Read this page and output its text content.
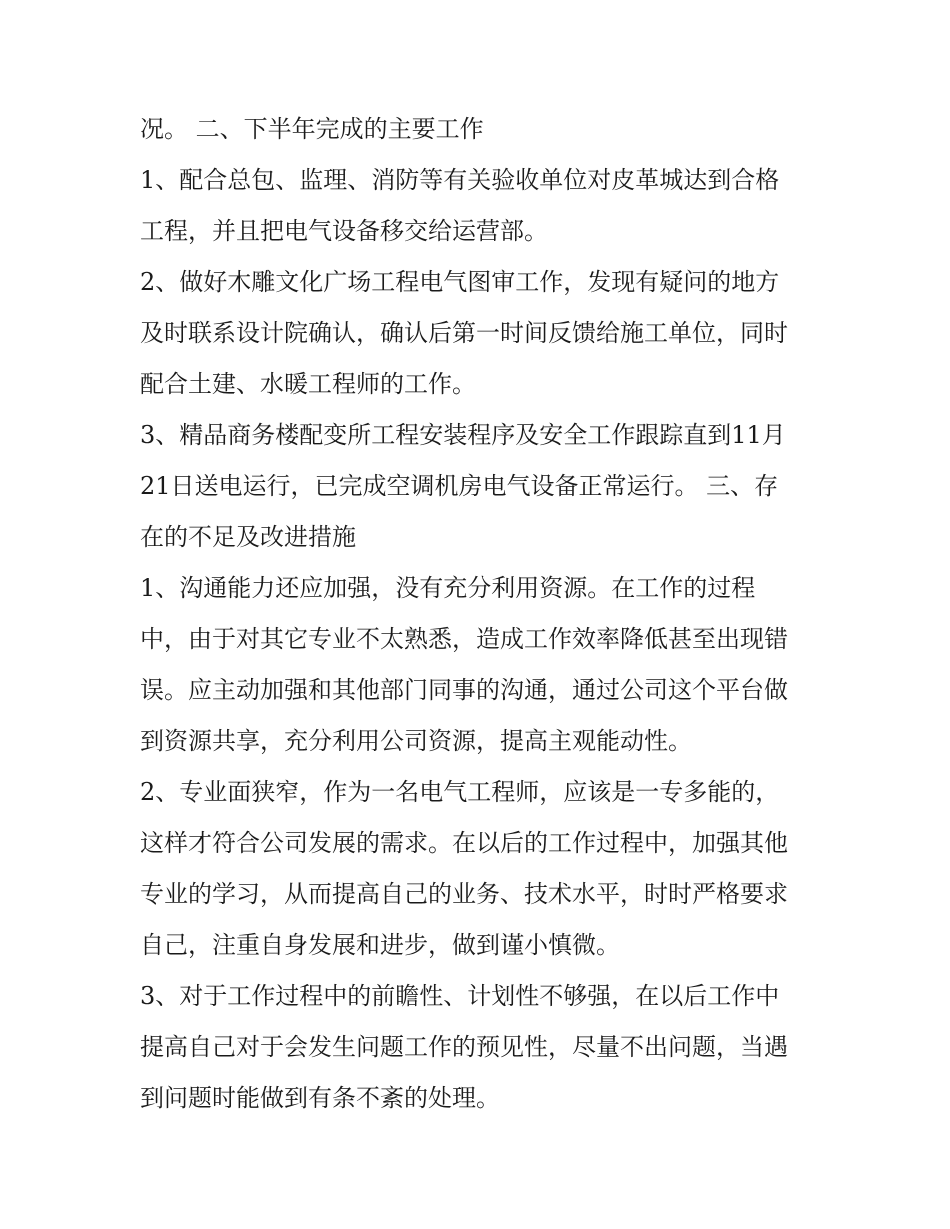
况。 二、下半年完成的主要工作
1、配合总包、监理、消防等有关验收单位对皮革城达到合格
工程，并且把电气设备移交给运营部。
2、做好木雕文化广场工程电气图审工作，发现有疑问的地方
及时联系设计院确认，确认后第一时间反馈给施工单位，同时
配合土建、水暖工程师的工作。
3、精品商务楼配变所工程安装程序及安全工作跟踪直到11月
21日送电运行，已完成空调机房电气设备正常运行。 三、存
在的不足及改进措施
1、沟通能力还应加强，没有充分利用资源。在工作的过程
中，由于对其它专业不太熟悉，造成工作效率降低甚至出现错
误。应主动加强和其他部门同事的沟通，通过公司这个平台做
到资源共享，充分利用公司资源，提高主观能动性。
2、专业面狭窄，作为一名电气工程师，应该是一专多能的，
这样才符合公司发展的需求。在以后的工作过程中，加强其他
专业的学习，从而提高自己的业务、技术水平，时时严格要求
自己，注重自身发展和进步，做到谨小慎微。
3、对于工作过程中的前瞻性、计划性不够强，在以后工作中
提高自己对于会发生问题工作的预见性，尽量不出问题，当遇
到问题时能做到有条不紊的处理。
